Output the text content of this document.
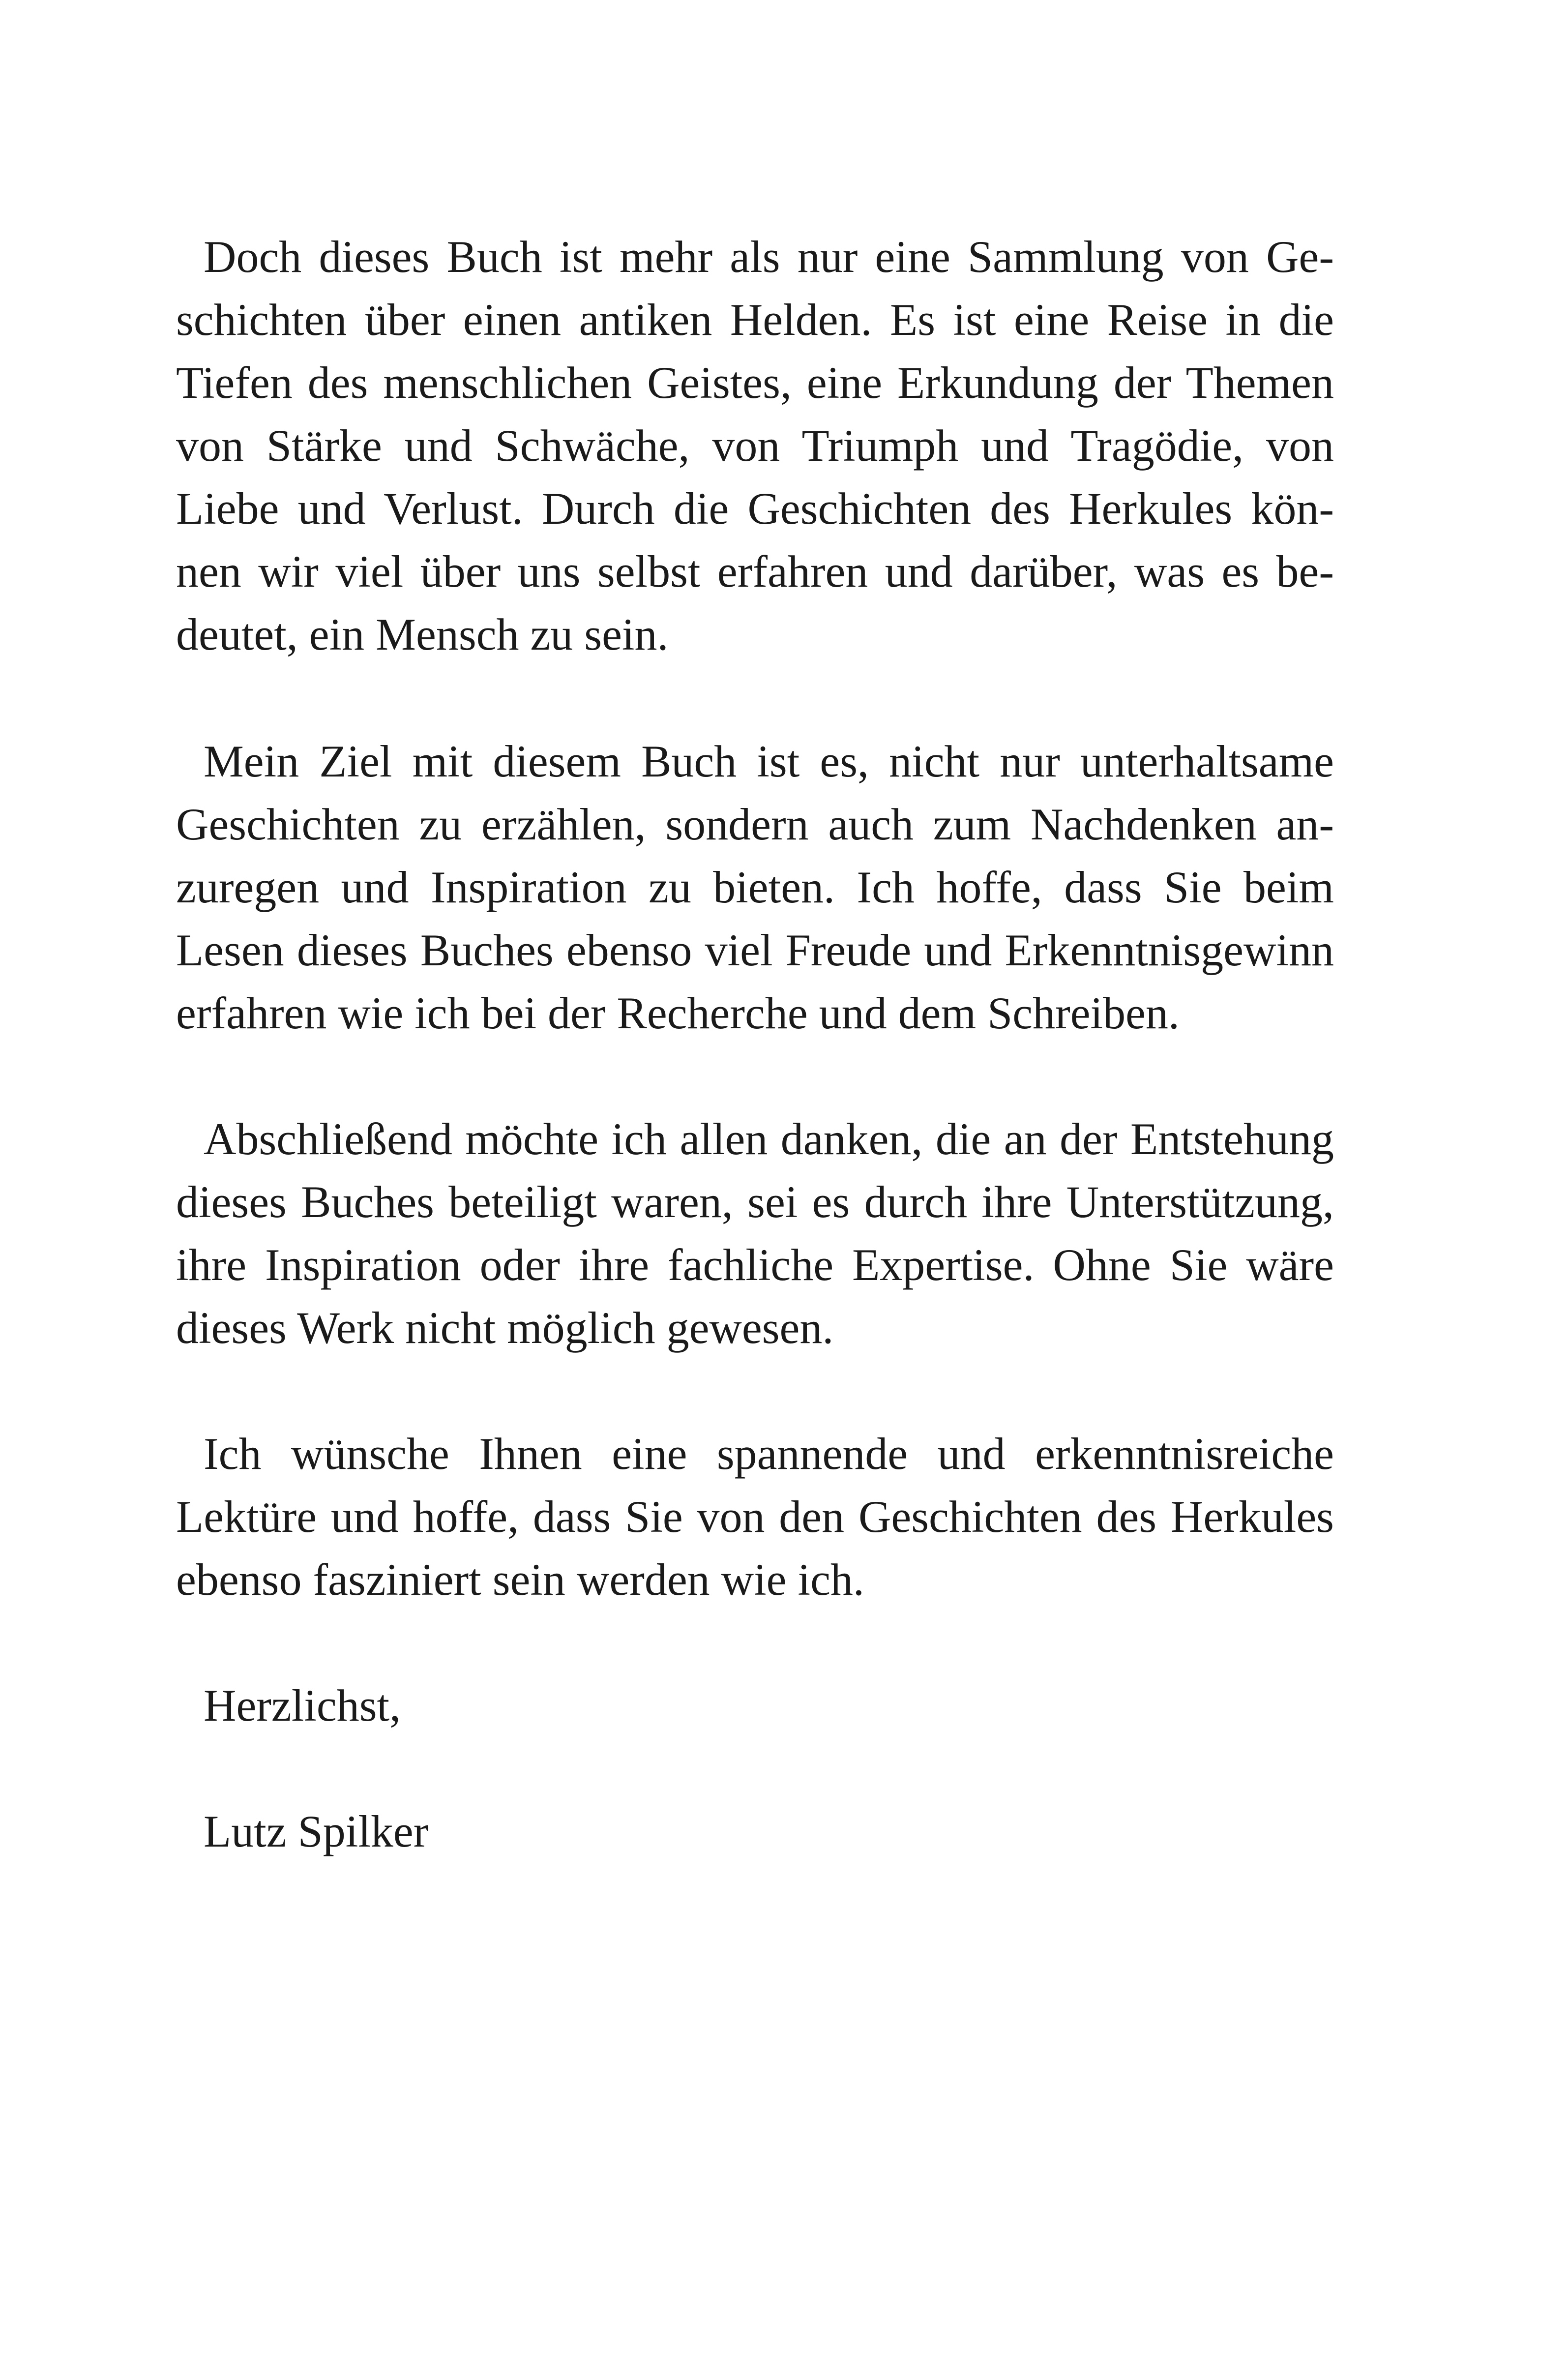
Doch dieses Buch ist mehr als nur eine Sammlung von Ge-
schichten über einen antiken Helden. Es ist eine Reise in die
Tiefen des menschlichen Geistes, eine Erkundung der Themen
von Stärke und Schwäche, von Triumph und Tragödie, von
Liebe und Verlust. Durch die Geschichten des Herkules kön-
nen wir viel über uns selbst erfahren und darüber, was es be-
deutet, ein Mensch zu sein.
Mein Ziel mit diesem Buch ist es, nicht nur unterhaltsame
Geschichten zu erzählen, sondern auch zum Nachdenken an-
zuregen und Inspiration zu bieten. Ich hoffe, dass Sie beim
Lesen dieses Buches ebenso viel Freude und Erkenntnisgewinn
erfahren wie ich bei der Recherche und dem Schreiben.
Abschließend möchte ich allen danken, die an der Entstehung
dieses Buches beteiligt waren, sei es durch ihre Unterstützung,
ihre Inspiration oder ihre fachliche Expertise. Ohne Sie wäre
dieses Werk nicht möglich gewesen.
Ich wünsche Ihnen eine spannende und erkenntnisreiche
Lektüre und hoffe, dass Sie von den Geschichten des Herkules
ebenso fasziniert sein werden wie ich.
Herzlichst,
Lutz Spilker
